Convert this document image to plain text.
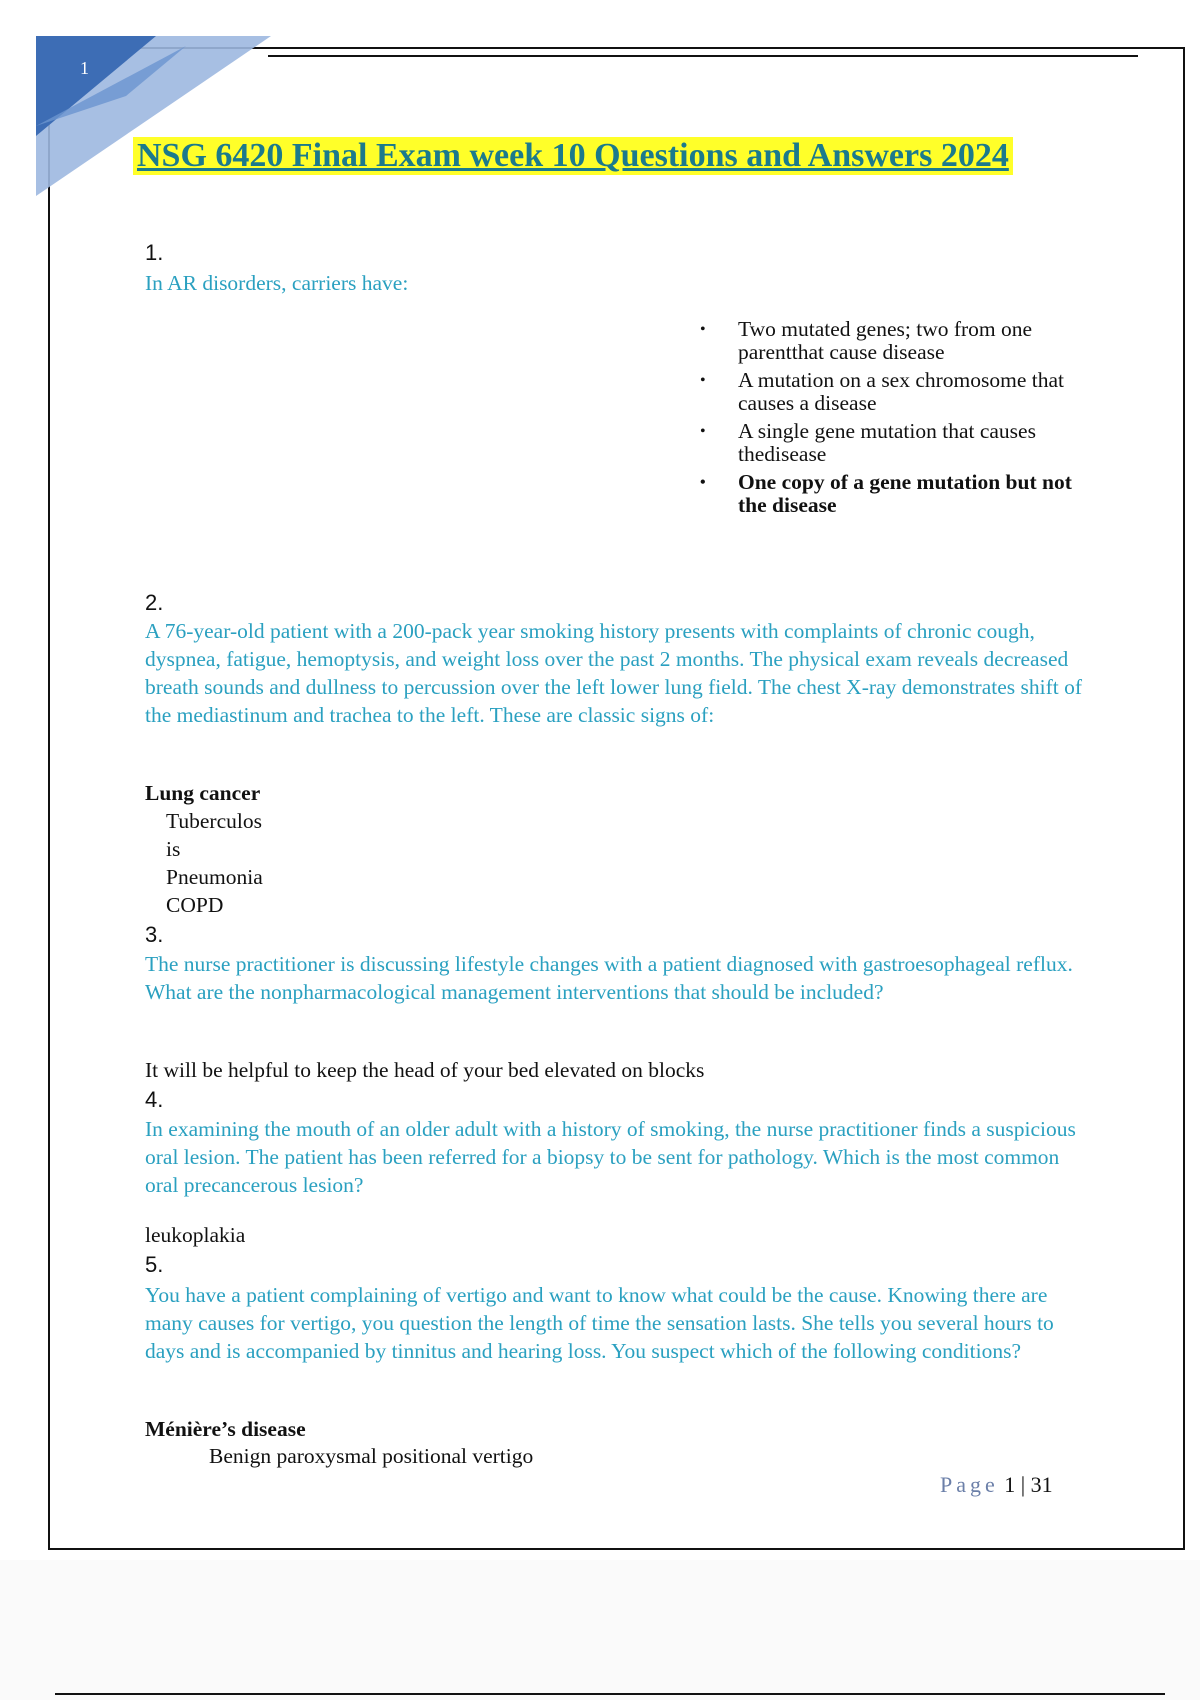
1
NSG 6420 Final Exam week 10 Questions and Answers 2024
1.
In AR disorders, carriers have:
• Two mutated genes; two from one parentthat cause disease
• A mutation on a sex chromosome that causes a disease
• A single gene mutation that causes thedisease
• One copy of a gene mutation but not the disease
2.
A 76-year-old patient with a 200-pack year smoking history presents with complaints of chronic cough, dyspnea, fatigue, hemoptysis, and weight loss over the past 2 months. The physical exam reveals decreased breath sounds and dullness to percussion over the left lower lung field. The chest X-ray demonstrates shift of the mediastinum and trachea to the left. These are classic signs of:
Lung cancer
Tuberculos
is
Pneumonia
COPD
3.
The nurse practitioner is discussing lifestyle changes with a patient diagnosed with gastroesophageal reflux. What are the nonpharmacological management interventions that should be included?
It will be helpful to keep the head of your bed elevated on blocks
4.
In examining the mouth of an older adult with a history of smoking, the nurse practitioner finds a suspicious oral lesion. The patient has been referred for a biopsy to be sent for pathology. Which is the most common oral precancerous lesion?
leukoplakia
5.
You have a patient complaining of vertigo and want to know what could be the cause. Knowing there are many causes for vertigo, you question the length of time the sensation lasts. She tells you several hours to days and is accompanied by tinnitus and hearing loss. You suspect which of the following conditions?
Ménière’s disease
Benign paroxysmal positional vertigo
Page 1 | 31
